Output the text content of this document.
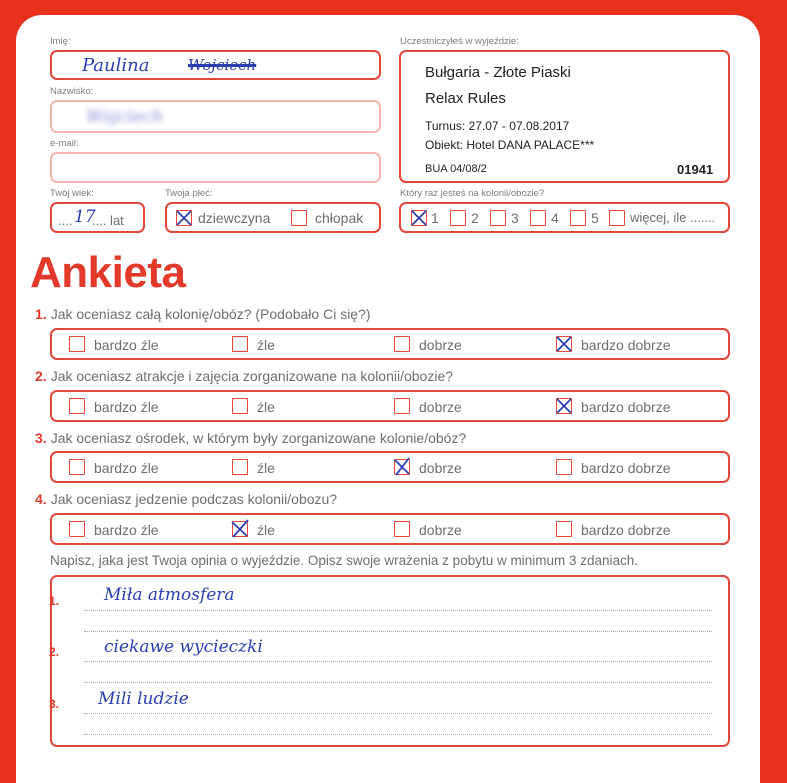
Imię:
Paulina	Wojciech
Nazwisko:
Wojciech
e-mail:
Twój wiek:
.... 17
.... lat
Twoja płeć:
dziewczyna	chłopak
Uczestniczyłeś w wyjeździe:
Bułgaria - Złote Piaski
Relax Rules
Turnus: 27.07 - 07.08.2017
Obiekt: Hotel DANA PALACE***
BUA 04/08/2	01941
Który raz jesteś na kolonii/obozie?
1 2 3 4 5 więcej, ile .......
Ankieta
1. Jak oceniasz całą kolonię/obóz? (Podobało Ci się?)
bardzo źle	źle	dobrze	bardzo dobrze
2. Jak oceniasz atrakcje i zajęcia zorganizowane na kolonii/obozie?
bardzo źle	źle	dobrze	bardzo dobrze
3. Jak oceniasz ośrodek, w którym były zorganizowane kolonie/obóz?
bardzo źle	źle	dobrze	bardzo dobrze
4. Jak oceniasz jedzenie podczas kolonii/obozu?
bardzo źle	źle	dobrze	bardzo dobrze
Napisz, jaka jest Twoja opinia o wyjeździe. Opisz swoje wrażenia z pobytu w minimum 3 zdaniach.
1.	Miła atmosfera
2.	ciekawe wycieczki
3. Mili ludzie
